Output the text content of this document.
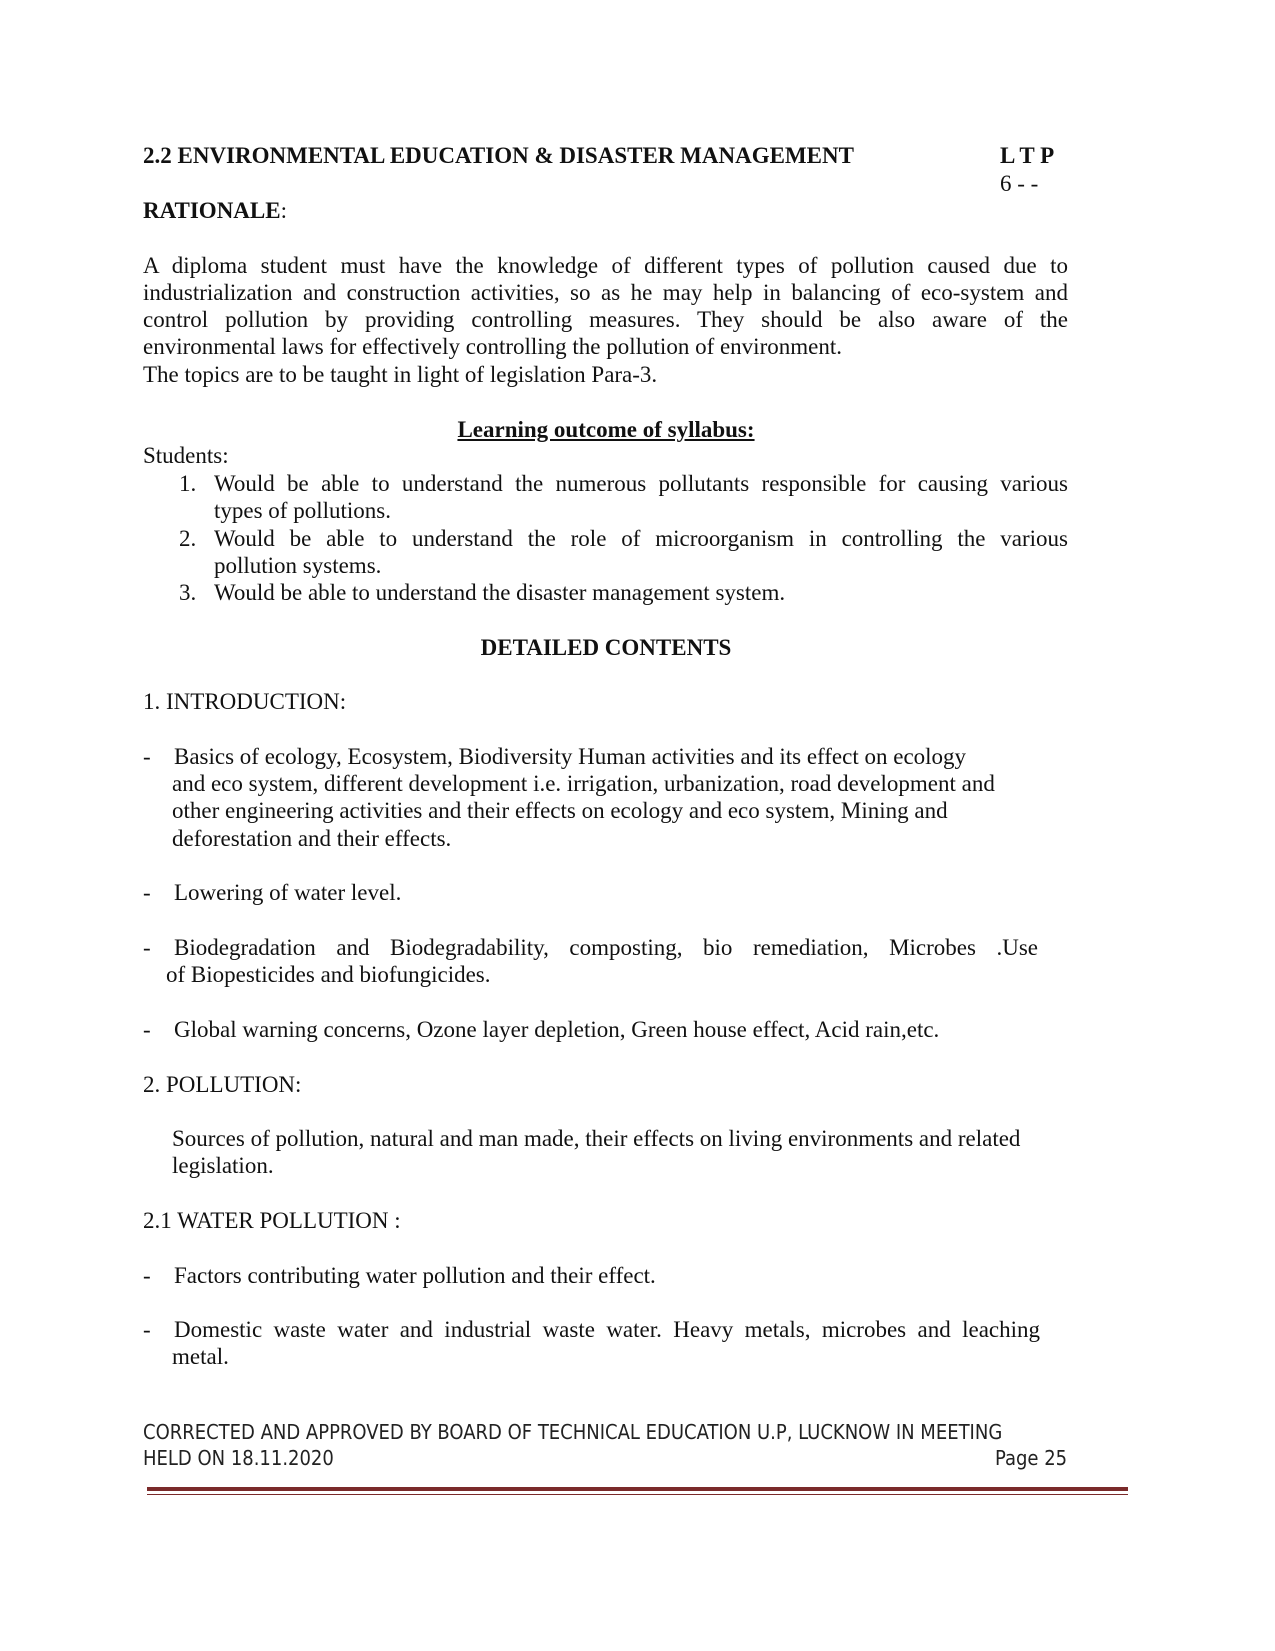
2.2 ENVIRONMENTAL EDUCATION & DISASTER MANAGEMENT	L T P
6 - -
RATIONALE:
A diploma student must have the knowledge of different types of pollution caused due to
industrialization and construction activities, so as he may help in balancing of eco-system and
control pollution by providing controlling measures. They should be also aware of the
environmental laws for effectively controlling the pollution of environment.
The topics are to be taught in light of legislation Para-3.
Learning outcome of syllabus:
Students:
1. Would be able to understand the numerous pollutants responsible for causing various
types of pollutions.
2. Would be able to understand the role of microorganism in controlling the various
pollution systems.
3. Would be able to understand the disaster management system.
DETAILED CONTENTS
1. INTRODUCTION:
- Basics of ecology, Ecosystem, Biodiversity Human activities and its effect on ecology
and eco system, different development i.e. irrigation, urbanization, road development and
other engineering activities and their effects on ecology and eco system, Mining and
deforestation and their effects.
- Lowering of water level.
- Biodegradation and Biodegradability, composting, bio remediation, Microbes .Use
of Biopesticides and biofungicides.
- Global warning concerns, Ozone layer depletion, Green house effect, Acid rain,etc.
2. POLLUTION:
Sources of pollution, natural and man made, their effects on living environments and related
legislation.
2.1 WATER POLLUTION :
- Factors contributing water pollution and their effect.
- Domestic waste water and industrial waste water. Heavy metals, microbes and leaching
metal.
CORRECTED AND APPROVED BY BOARD OF TECHNICAL EDUCATION U.P, LUCKNOW IN MEETING
HELD ON 18.11.2020	Page 25
